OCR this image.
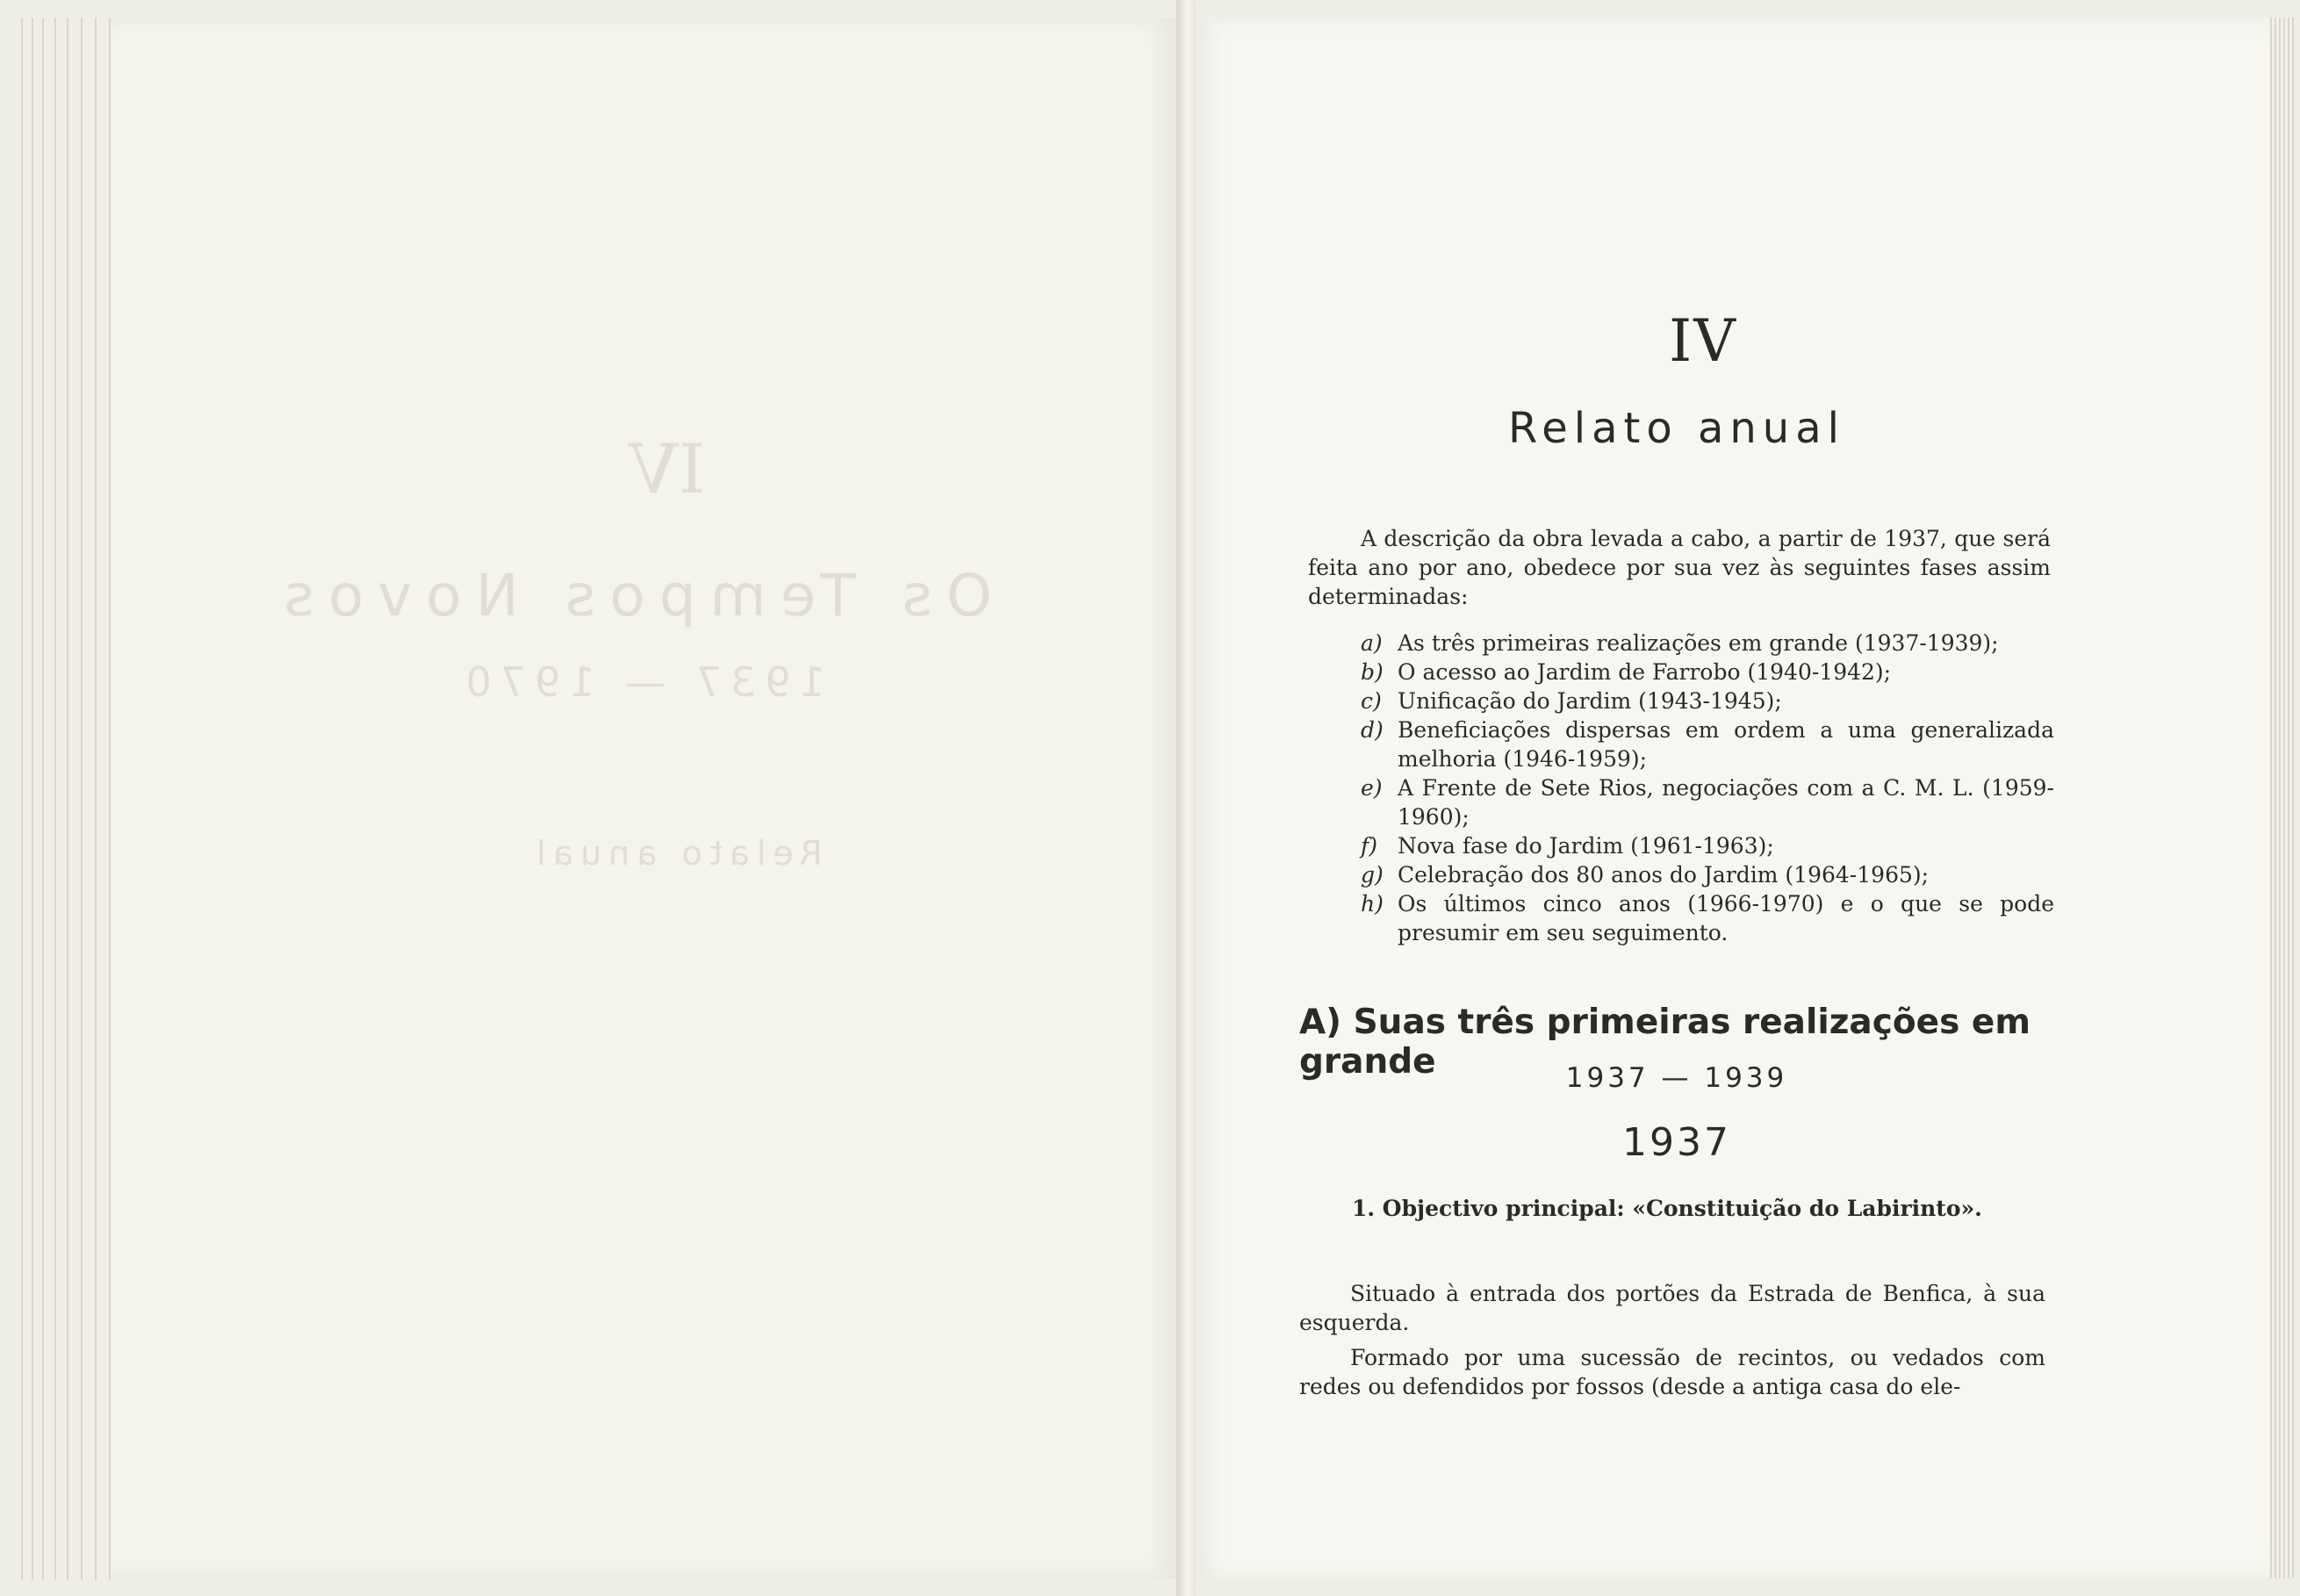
IV
Os Tempos Novos
1937 — 1970
Relato anual
IV
Relato anual

A descrição da obra levada a cabo, a partir de 1937, que será feita ano por ano, obedece por sua vez às seguintes fases assim determinadas:

a) As três primeiras realizações em grande (1937-1939);
b) O acesso ao Jardim de Farrobo (1940-1942);
c) Unificação do Jardim (1943-1945);
d) Beneficiações dispersas em ordem a uma generalizada melhoria (1946-1959);
e) A Frente de Sete Rios, negociações com a C. M. L. (1959-1960);
f) Nova fase do Jardim (1961-1963);
g) Celebração dos 80 anos do Jardim (1964-1965);
h) Os últimos cinco anos (1966-1970) e o que se pode presumir em seu seguimento.
A) Suas três primeiras realizações em grande	1937 — 1939
1937
1. Objectivo principal: «Constituição do Labirinto».

Situado à entrada dos portões da Estrada de Benfica, à sua esquerda.

Formado por uma sucessão de recintos, ou vedados com redes ou defendidos por fossos (desde a antiga casa do ele-
